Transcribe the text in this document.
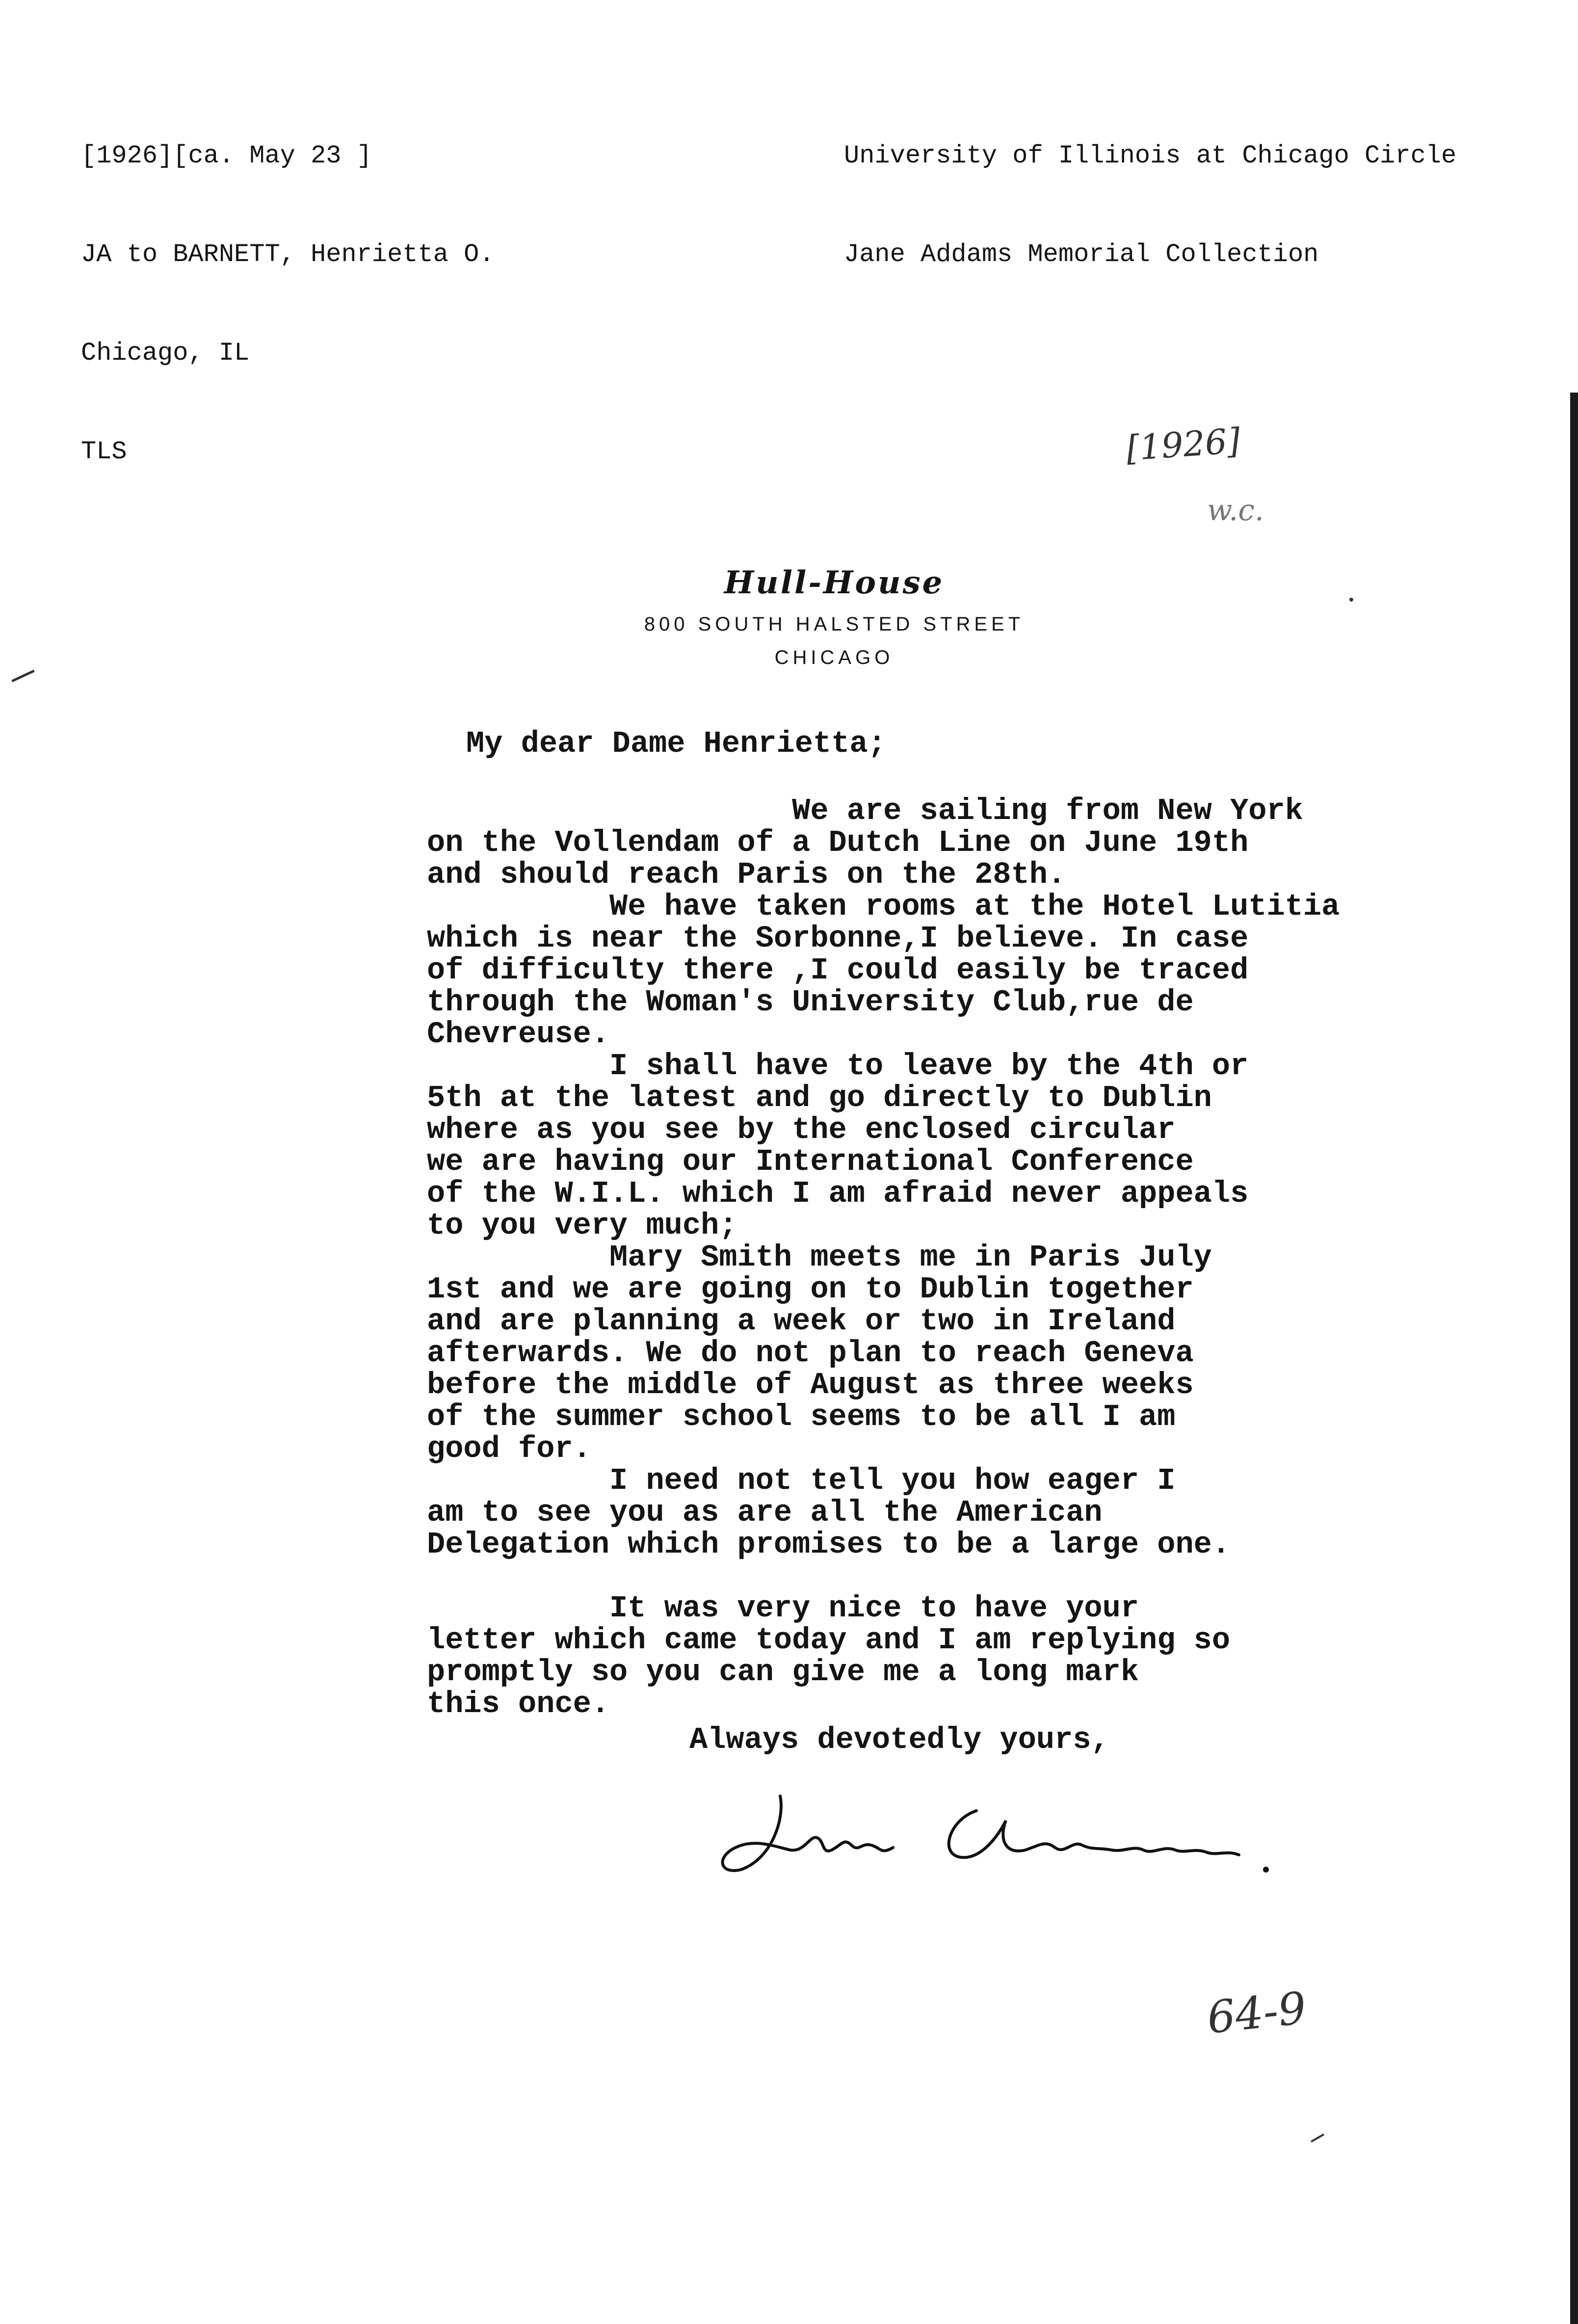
[1926][ca. May 23 ]

JA to BARNETT, Henrietta O.

Chicago, IL

TLS

University of Illinois at Chicago Circle

Jane Addams Memorial Collection

[1926]
w.c.
Hull-House
800 SOUTH HALSTED STREET
CHICAGO
My dear Dame Henrietta;
We are sailing from New York
on the Vollendam of a Dutch Line on June 19th
and should reach Paris on the 28th.
We have taken rooms at the Hotel Lutitia
which is near the Sorbonne,I believe. In case
of difficulty there ,I could easily be traced
through the Woman's University Club,rue de
Chevreuse.
I shall have to leave by the 4th or
5th at the latest and go directly to Dublin
where as you see by the enclosed circular
we are having our International Conference
of the W.I.L. which I am afraid never appeals
to you very much;
Mary Smith meets me in Paris July
1st and we are going on to Dublin together
and are planning a week or two in Ireland
afterwards. We do not plan to reach Geneva
before the middle of August as three weeks
of the summer school seems to be all I am
good for.
I need not tell you how eager I
am to see you as are all the American
Delegation which promises to be a large one.
It was very nice to have your
letter which came today and I am replying so
promptly so you can give me a long mark
this once.
Always devotedly yours,
64-9
